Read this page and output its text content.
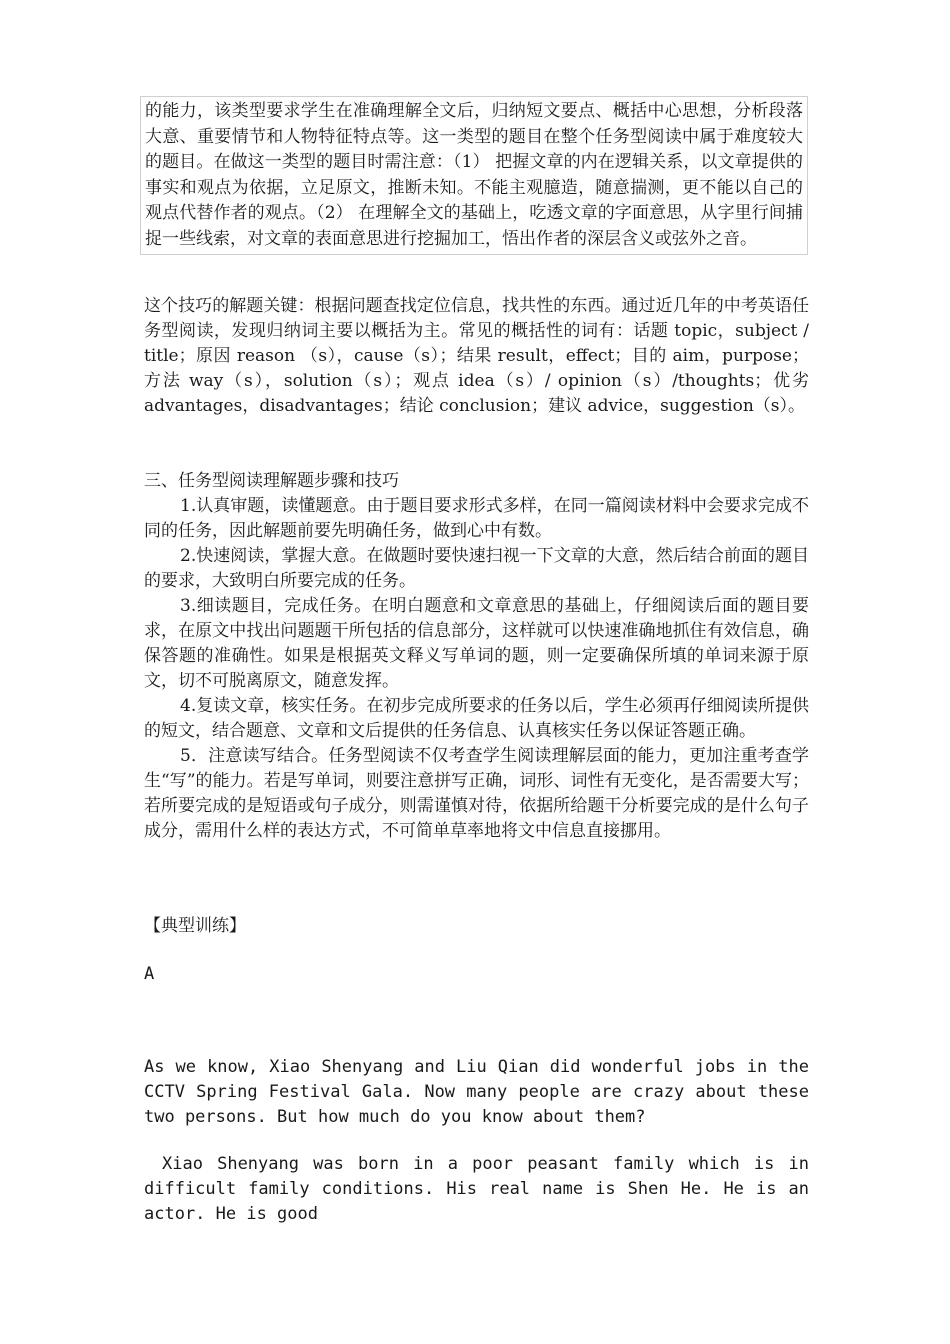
的能力，该类型要求学生在准确理解全文后，归纳短文要点、概括中心思想，分析段落大意、重要情节和人物特征特点等。这一类型的题目在整个任务型阅读中属于难度较大的题目。在做这一类型的题目时需注意：（1） 把握文章的内在逻辑关系，以文章提供的事实和观点为依据，立足原文，推断未知。不能主观臆造，随意揣测，更不能以自己的观点代替作者的观点。（2） 在理解全文的基础上，吃透文章的字面意思，从字里行间捕捉一些线索，对文章的表面意思进行挖掘加工，悟出作者的深层含义或弦外之音。

这个技巧的解题关键：根据问题查找定位信息，找共性的东西。通过近几年的中考英语任务型阅读，发现归纳词主要以概括为主。常见的概括性的词有：话题 topic，subject / title；原因 reason （s），cause（s）；结果 result，effect；目的 aim，purpose；方法 way（s），solution（s）；观点 idea（s）/ opinion（s）/thoughts；优劣 advantages，disadvantages；结论 conclusion；建议 advice，suggestion（s）。

三、任务型阅读理解题步骤和技巧

1.认真审题，读懂题意。由于题目要求形式多样，在同一篇阅读材料中会要求完成不同的任务，因此解题前要先明确任务，做到心中有数。

2.快速阅读，掌握大意。在做题时要快速扫视一下文章的大意，然后结合前面的题目的要求，大致明白所要完成的任务。

3.细读题目，完成任务。在明白题意和文章意思的基础上，仔细阅读后面的题目要求，在原文中找出问题题干所包括的信息部分，这样就可以快速准确地抓住有效信息，确保答题的准确性。如果是根据英文释义写单词的题，则一定要确保所填的单词来源于原文，切不可脱离原文，随意发挥。

4.复读文章，核实任务。在初步完成所要求的任务以后，学生必须再仔细阅读所提供的短文，结合题意、文章和文后提供的任务信息、认真核实任务以保证答题正确。

5．注意读写结合。任务型阅读不仅考查学生阅读理解层面的能力，更加注重考查学生“写”的能力。若是写单词，则要注意拼写正确，词形、词性有无变化，是否需要大写；若所要完成的是短语或句子成分，则需谨慎对待，依据所给题干分析要完成的是什么句子成分，需用什么样的表达方式，不可简单草率地将文中信息直接挪用。

【典型训练】

A

As we know, Xiao Shenyang and Liu Qian did wonderful jobs in the CCTV Spring Festival Gala. Now many people are crazy about these two persons. But how much do you know about them?

Xiao Shenyang was born in a poor peasant family which is in difficult family conditions. His real name is Shen He. He is an actor. He is good
